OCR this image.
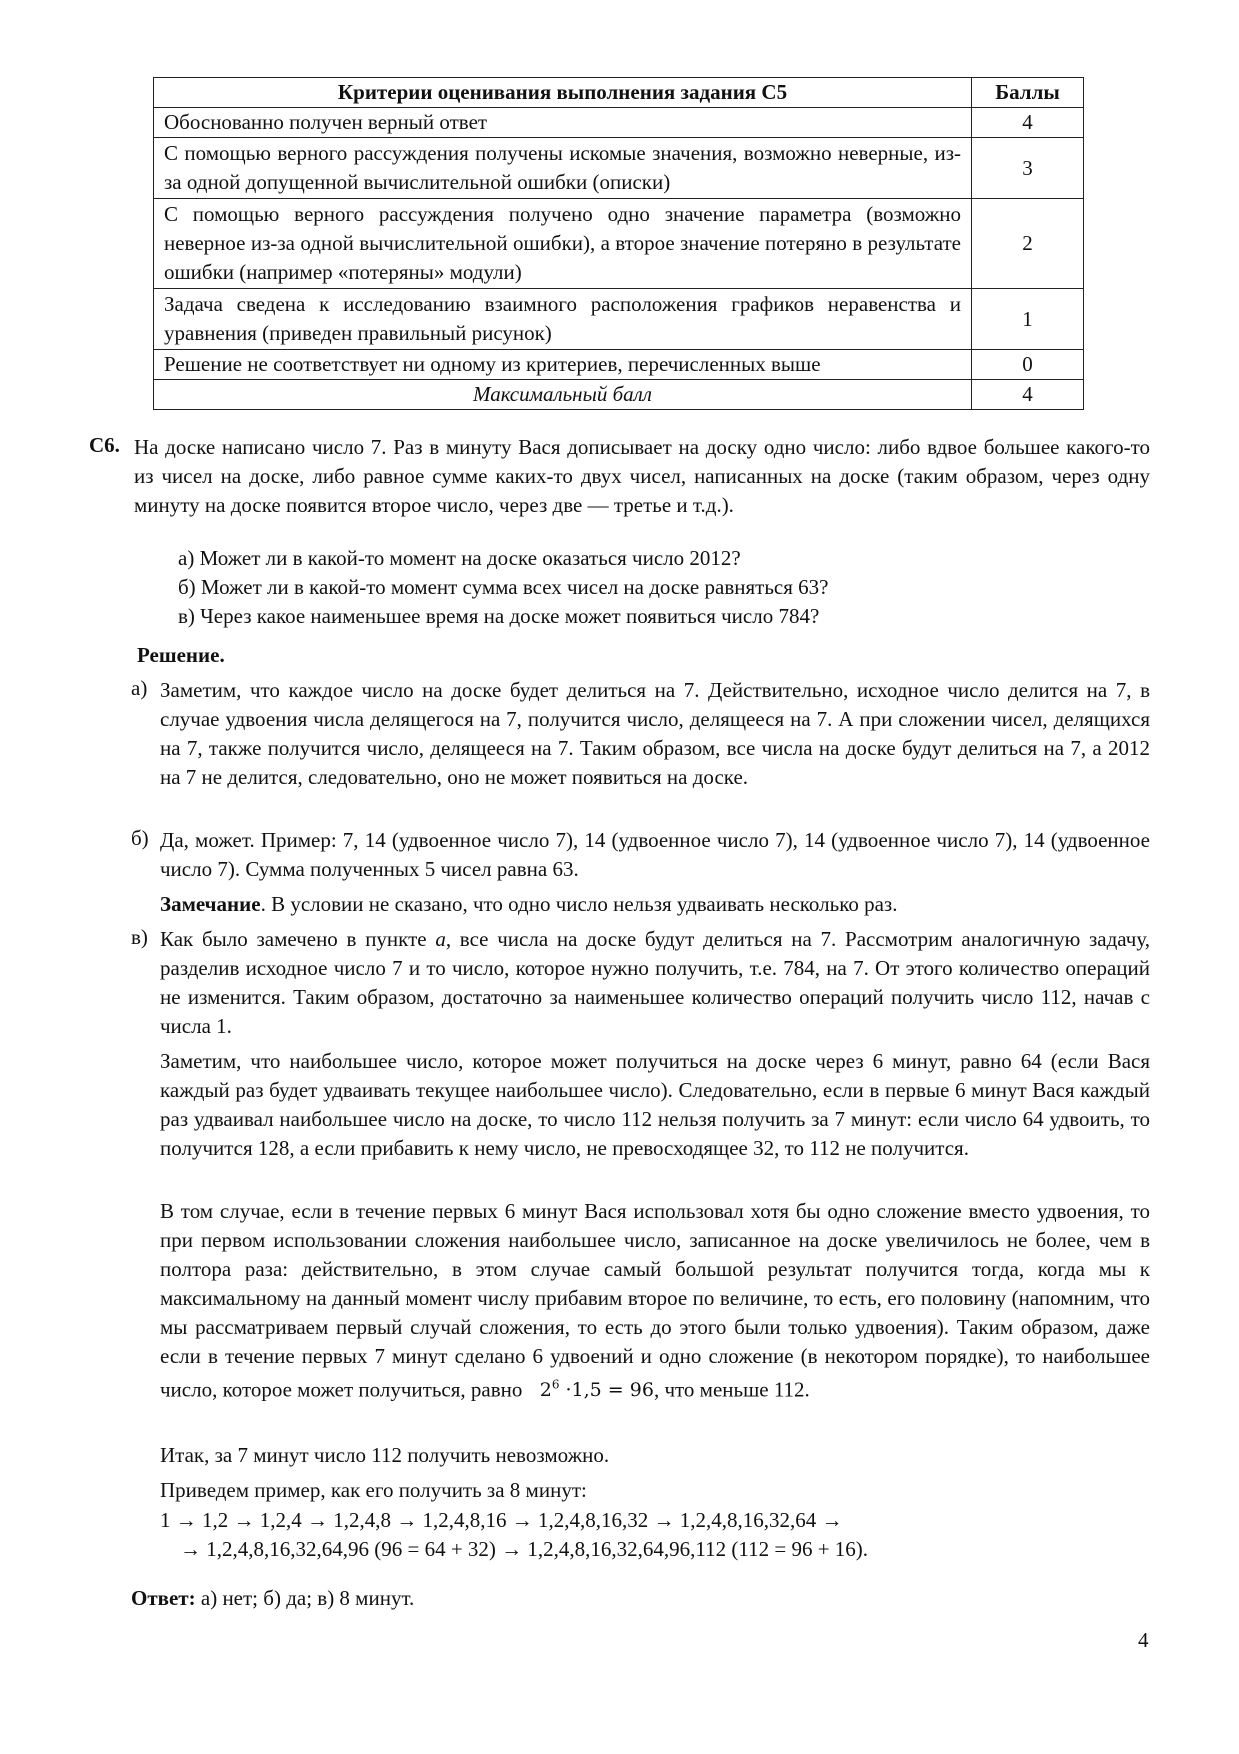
Критерии оценивания выполнения задания С5	Баллы
Обоснованно получен верный ответ	4
С помощью верного рассуждения получены искомые значения, возможно неверные, из-за одной допущенной вычислительной ошибки (описки)	3
С помощью верного рассуждения получено одно значение параметра (возможно неверное из-за одной вычислительной ошибки), а второе значение потеряно в результате ошибки (например «потеряны» модули)	2
Задача сведена к исследованию взаимного расположения графиков неравенства и уравнения (приведен правильный рисунок)	1
Решение не соответствует ни одному из критериев, перечисленных выше	0
Максимальный балл	4
С6. На доске написано число 7. Раз в минуту Вася дописывает на доску одно число: либо вдвое большее какого-то из чисел на доске, либо равное сумме каких-то двух чисел, написанных на доске (таким образом, через одну минуту на доске появится второе число, через две — третье и т.д.).
а) Может ли в какой-то момент на доске оказаться число 2012?
б) Может ли в какой-то момент сумма всех чисел на доске равняться 63?
в) Через какое наименьшее время на доске может появиться число 784?
Решение.
а) Заметим, что каждое число на доске будет делиться на 7. Действительно, исходное число делится на 7, в случае удвоения числа делящегося на 7, получится число, делящееся на 7. А при сложении чисел, делящихся на 7, также получится число, делящееся на 7. Таким образом, все числа на доске будут делиться на 7, а 2012 на 7 не делится, следовательно, оно не может появиться на доске.
б) Да, может. Пример: 7, 14 (удвоенное число 7), 14 (удвоенное число 7), 14 (удвоенное число 7), 14 (удвоенное число 7). Сумма полученных 5 чисел равна 63.
Замечание. В условии не сказано, что одно число нельзя удваивать несколько раз.
в) Как было замечено в пункте а, все числа на доске будут делиться на 7. Рассмотрим аналогичную задачу, разделив исходное число 7 и то число, которое нужно получить, т.е. 784, на 7. От этого количество операций не изменится. Таким образом, достаточно за наименьшее количество операций получить число 112, начав с числа 1.
Заметим, что наибольшее число, которое может получиться на доске через 6 минут, равно 64 (если Вася каждый раз будет удваивать текущее наибольшее число). Следовательно, если в первые 6 минут Вася каждый раз удваивал наибольшее число на доске, то число 112 нельзя получить за 7 минут: если число 64 удвоить, то получится 128, а если прибавить к нему число, не превосходящее 32, то 112 не получится.
В том случае, если в течение первых 6 минут Вася использовал хотя бы одно сложение вместо удвоения, то при первом использовании сложения наибольшее число, записанное на доске увеличилось не более, чем в полтора раза: действительно, в этом случае самый большой результат получится тогда, когда мы к максимальному на данный момент числу прибавим второе по величине, то есть, его половину (напомним, что мы рассматриваем первый случай сложения, то есть до этого были только удвоения). Таким образом, даже если в течение первых 7 минут сделано 6 удвоений и одно сложение (в некотором порядке), то наибольшее число, которое может получиться, равно $2^6 \cdot 1,5 = 96$, что меньше 112.
Итак, за 7 минут число 112 получить невозможно.
Приведем пример, как его получить за 8 минут:
1 → 1,2 → 1,2,4 → 1,2,4,8 → 1,2,4,8,16 → 1,2,4,8,16,32 → 1,2,4,8,16,32,64 →
→ 1,2,4,8,16,32,64,96 (96 = 64 + 32) → 1,2,4,8,16,32,64,96,112 (112 = 96 + 16).
Ответ: а) нет; б) да; в) 8 минут.
4
